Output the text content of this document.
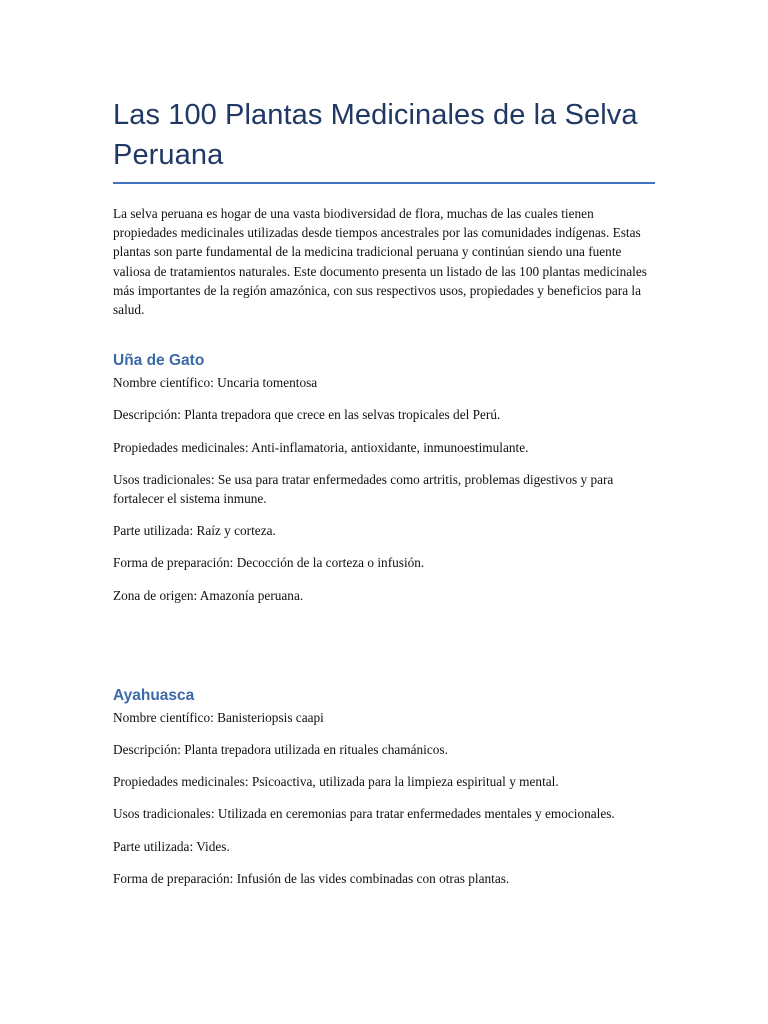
Las 100 Plantas Medicinales de la Selva Peruana

La selva peruana es hogar de una vasta biodiversidad de flora, muchas de las cuales tienen propiedades medicinales utilizadas desde tiempos ancestrales por las comunidades indígenas. Estas plantas son parte fundamental de la medicina tradicional peruana y continúan siendo una fuente valiosa de tratamientos naturales. Este documento presenta un listado de las 100 plantas medicinales más importantes de la región amazónica, con sus respectivos usos, propiedades y beneficios para la salud.

Uña de Gato

Nombre científico : Uncaria tomentosa

Descripción : Planta trepadora que crece en las selvas tropicales del Perú.

Propiedades medicinales : Anti-inflamatoria, antioxidante, inmunoestimulante.

Usos tradicionales : Se usa para tratar enfermedades como artritis, problemas digestivos y para fortalecer el sistema inmune.

Parte utilizada : Raíz y corteza.

Forma de preparación : Decocción de la corteza o infusión.

Zona de origen : Amazonía peruana.

Ayahuasca

Nombre científico : Banisteriopsis caapi

Descripción : Planta trepadora utilizada en rituales chamánicos.

Propiedades medicinales : Psicoactiva, utilizada para la limpieza espiritual y mental.

Usos tradicionales : Utilizada en ceremonias para tratar enfermedades mentales y emocionales.

Parte utilizada : Vides.

Forma de preparación : Infusión de las vides combinadas con otras plantas.
